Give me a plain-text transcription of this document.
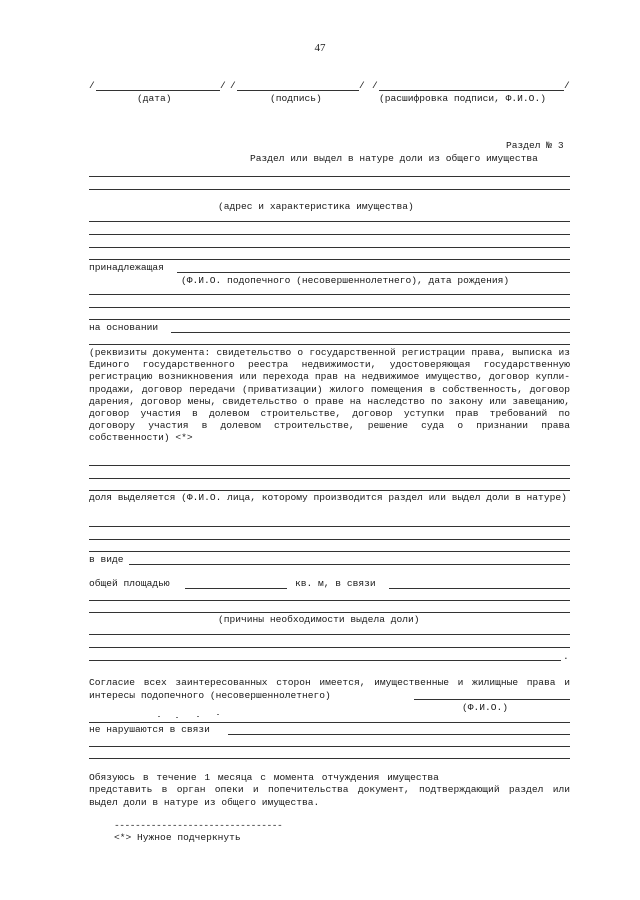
47
/	/ /	/ /	/
(дата)	(подпись)	(расшифровка подписи, Ф.И.О.)
Раздел № 3
Раздел или выдел в натуре доли из общего имущества
(адрес и характеристика имущества)
принадлежащая
(Ф.И.О. подопечного (несовершеннолетнего), дата рождения)
на основании
(реквизиты документа: свидетельство о государственной регистрации права, выписка из Единого государственного реестра недвижимости, удостоверяющая государственную регистрацию возникновения или перехода прав на недвижимое имущество, договор купли-продажи, договор передачи (приватизации) жилого помещения в собственность, договор дарения, договор мены, свидетельство о праве на наследство по закону или завещанию, договор участия в долевом строительстве, договор уступки прав требований по договору участия в долевом строительстве, решение суда о признании права собственности) <*>
доля выделяется (Ф.И.О. лица, которому производится раздел или выдел доли в натуре)
в виде
общей площадью	кв. м, в связи
(причины необходимости выдела доли)
.
Согласие всех заинтересованных сторон имеется, имущественные и жилищные права и интересы подопечного (несовершеннолетнего)
(Ф.И.О.)
не нарушаются в связи
Обязуюсь в течение 1 месяца с момента отчуждения имущества
представить в орган опеки и попечительства документ, подтверждающий раздел или выдел доли в натуре из общего имущества.
--------------------------------
<*> Нужное подчеркнуть
